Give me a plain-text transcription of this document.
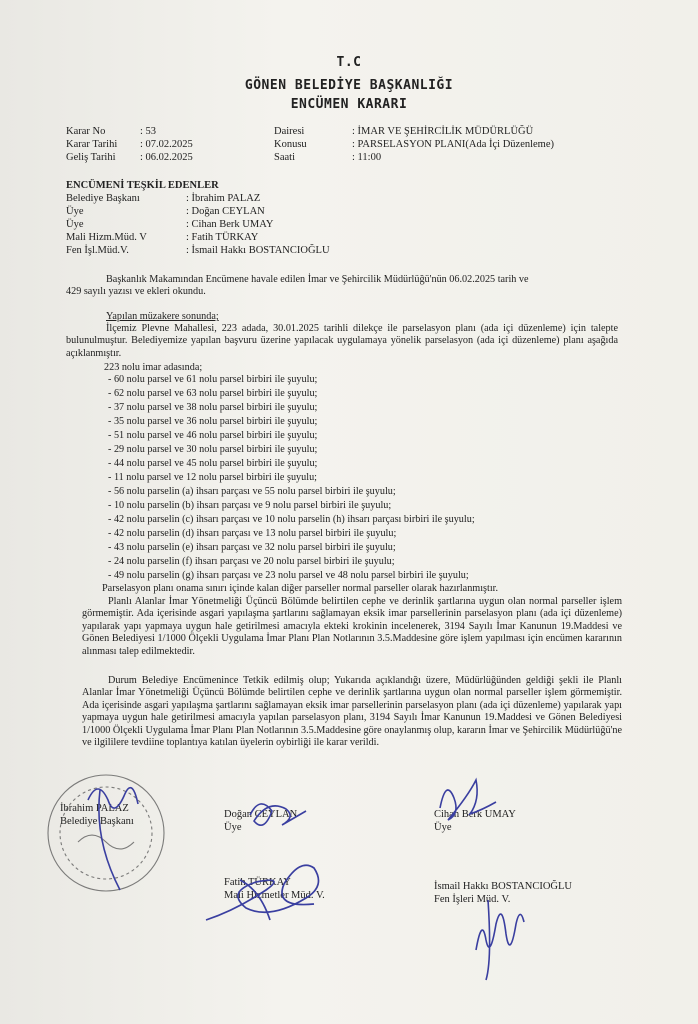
T.C
GÖNEN BELEDİYE BAŞKANLIĞI
ENCÜMEN KARARI
Karar No	: 53
Karar Tarihi : 07.02.2025
Geliş Tarihi : 06.02.2025
Dairesi	: İMAR VE ŞEHİRCİLİK MÜDÜRLÜĞÜ
Konusu	: PARSELASYON PLANI(Ada İçi Düzenleme)
Saati	: 11:00
ENCÜMENİ TEŞKİL EDENLER
Belediye Başkanı	: İbrahim PALAZ
Üye	: Doğan CEYLAN
Üye	: Cihan Berk UMAY
Mali Hizm.Müd. V	: Fatih TÜRKAY
Fen İşl.Müd.V.	: İsmail Hakkı BOSTANCIOĞLU
Başkanlık Makamından Encümene havale edilen İmar ve Şehircilik Müdürlüğü'nün 06.02.2025 tarih ve
429 sayılı yazısı ve ekleri okundu.
Yapılan müzakere sonunda;
İlçemiz Plevne Mahallesi, 223 adada, 30.01.2025 tarihli dilekçe ile parselasyon planı (ada içi düzenleme) için talepte bulunulmuştur. Belediyemize yapılan başvuru üzerine yapılacak uygulamaya yönelik parselasyon (ada içi düzenleme) planı aşağıda açıklanmıştır.
223 nolu imar adasında;
- 60 nolu parsel ve 61 nolu parsel birbiri ile şuyulu;
- 62 nolu parsel ve 63 nolu parsel birbiri ile şuyulu;
- 37 nolu parsel ve 38 nolu parsel birbiri ile şuyulu;
- 35 nolu parsel ve 36 nolu parsel birbiri ile şuyulu;
- 51 nolu parsel ve 46 nolu parsel birbiri ile şuyulu;
- 29 nolu parsel ve 30 nolu parsel birbiri ile şuyulu;
- 44 nolu parsel ve 45 nolu parsel birbiri ile şuyulu;
- 11 nolu parsel ve 12 nolu parsel birbiri ile şuyulu;
- 56 nolu parselin (a) ihsarı parçası ve 55 nolu parsel birbiri ile şuyulu;
- 10 nolu parselin (b) ihsarı parçası ve 9 nolu parsel birbiri ile şuyulu;
- 42 nolu parselin (c) ihsarı parçası ve 10 nolu parselin (h) ihsarı parçası birbiri ile şuyulu;
- 42 nolu parselin (d) ihsarı parçası ve 13 nolu parsel birbiri ile şuyulu;
- 43 nolu parselin (e) ihsarı parçası ve 32 nolu parsel birbiri ile şuyulu;
- 24 nolu parselin (f) ihsarı parçası ve 20 nolu parsel birbiri ile şuyulu;
- 49 nolu parselin (g) ihsarı parçası ve 23 nolu parsel ve 48 nolu parsel birbiri ile şuyulu;
Parselasyon planı onama sınırı içinde kalan diğer parseller normal parseller olarak hazırlanmıştır.
Planlı Alanlar İmar Yönetmeliği Üçüncü Bölümde belirtilen cephe ve derinlik şartlarına uygun olan normal parseller işlem görmemiştir. Ada içerisinde asgari yapılaşma şartlarını sağlamayan eksik imar parsellerinin parselasyon planı (ada içi düzenleme) yapılarak yapı yapmaya uygun hale getirilmesi amacıyla ekteki krokinin incelenerek, 3194 Sayılı İmar Kanunun 19.Maddesi ve Gönen Belediyesi 1/1000 Ölçekli Uygulama İmar Planı Plan Notlarının 3.5.Maddesine göre işlem yapılması için encümen kararının alınması talep edilmektedir.
Durum Belediye Encümenince Tetkik edilmiş olup; Yukarıda açıklandığı üzere, Müdürlüğünden geldiği şekli ile Planlı Alanlar İmar Yönetmeliği Üçüncü Bölümde belirtilen cephe ve derinlik şartlarına uygun olan normal parseller işlem görmemiştir. Ada içerisinde asgari yapılaşma şartlarını sağlamayan eksik imar parsellerinin parselasyon planı (ada içi düzenleme) yapılarak yapı yapmaya uygun hale getirilmesi amacıyla yapılan parselasyon planı, 3194 Sayılı İmar Kanunun 19.Maddesi ve Gönen Belediyesi 1/1000 Ölçekli Uygulama İmar Planı Plan Notlarının 3.5.Maddesine göre onaylanmış olup, kararın İmar ve Şehircilik Müdürlüğü'ne ve ilgililere tevdiine toplantıya katılan üyelerin oybirliği ile karar verildi.
İbrahim PALAZ
Belediye Başkanı
Doğan CEYLAN
Üye
Cihan Berk UMAY
Üye
Fatih TÜRKAY
Mali Hizmetler Müd. V.
İsmail Hakkı BOSTANCIOĞLU
Fen İşleri Müd. V.
